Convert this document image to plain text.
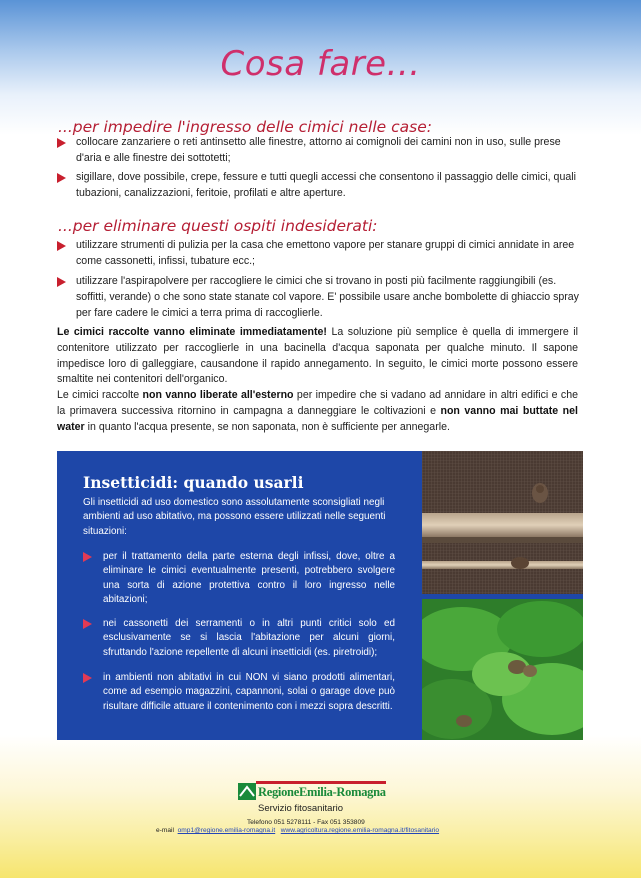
Cosa fare...
...per impedire l'ingresso delle cimici nelle case:
collocare zanzariere o reti antinsetto alle finestre, attorno ai comignoli dei camini non in uso, sulle prese d'aria e alle finestre dei sottotetti;
sigillare, dove possibile, crepe, fessure e tutti quegli accessi che consentono il passaggio delle cimici, quali tubazioni, canalizzazioni, feritoie, profilati e altre aperture.
...per eliminare questi ospiti indesiderati:
utilizzare strumenti di pulizia per la casa che emettono vapore per stanare gruppi di cimici annidate in aree come cassonetti, infissi, tubature ecc.;
utilizzare l'aspirapolvere per raccogliere le cimici che si trovano in posti più facilmente raggiungibili (es. soffitti, verande) o che sono state stanate col vapore. E' possibile usare anche bombolette di ghiaccio spray per fare cadere le cimici a terra prima di raccoglierle.
Le cimici raccolte vanno eliminate immediatamente! La soluzione più semplice è quella di immergere il contenitore utilizzato per raccoglierle in una bacinella d'acqua saponata per qualche minuto. Il sapone impedisce loro di galleggiare, causandone il rapido annegamento. In seguito, le cimici morte possono essere smaltite nei contenitori dell'organico.
Le cimici raccolte non vanno liberate all'esterno per impedire che si vadano ad annidare in altri edifici e che la primavera successiva ritornino in campagna a danneggiare le coltivazioni e non vanno mai buttate nel water in quanto l'acqua presente, se non saponata, non è sufficiente per annegarle.
Insetticidi: quando usarli
Gli insetticidi ad uso domestico sono assolutamente sconsigliati negli ambienti ad uso abitativo, ma possono essere utilizzati nelle seguenti situazioni:
per il trattamento della parte esterna degli infissi, dove, oltre a eliminare le cimici eventualmente presenti, potrebbero svolgere una sorta di azione protettiva contro il loro ingresso nelle abitazioni;
nei cassonetti dei serramenti o in altri punti critici solo ed esclusivamente se si lascia l'abitazione per alcuni giorni, sfruttando l'azione repellente di alcuni insetticidi (es. piretroidi);
in ambienti non abitativi in cui NON vi siano prodotti alimentari, come ad esempio magazzini, capannoni, solai o garage dove può risultare difficile attuare il contenimento con i mezzi sopra descritti.
RegioneEmilia-Romagna
Servizio fitosanitario
Telefono 051 5278111 - Fax 051 353809
e-mail omp1@regione.emilia-romagna.it www.agricoltura.regione.emilia-romagna.it/fitosanitario
